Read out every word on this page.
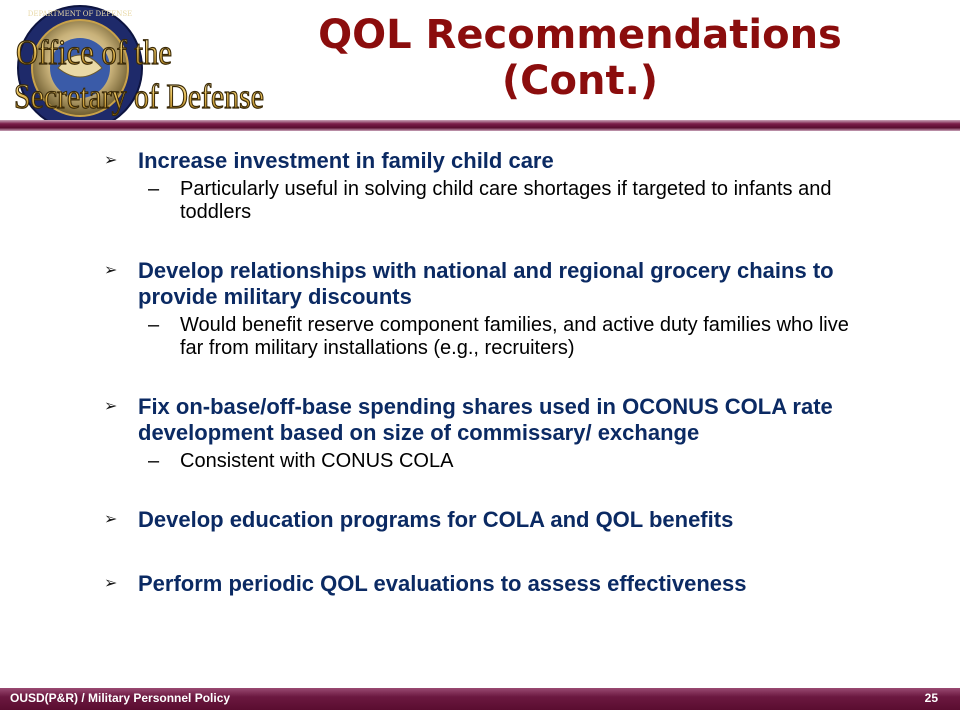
DEPARTMENT OF DEFENSE
Office of the
Secretary of Defense
QOL Recommendations
(Cont.)
➢ Increase investment in family child care
– Particularly useful in solving child care shortages if targeted to infants and toddlers
➢ Develop relationships with national and regional grocery chains to provide military discounts
– Would benefit reserve component families, and active duty families who live far from military installations (e.g., recruiters)
➢ Fix on-base/off-base spending shares used in OCONUS COLA rate development based on size of commissary/ exchange
– Consistent with CONUS COLA
➢ Develop education programs for COLA and QOL benefits
➢ Perform periodic QOL evaluations to assess effectiveness
OUSD(P&R) / Military Personnel Policy	25
